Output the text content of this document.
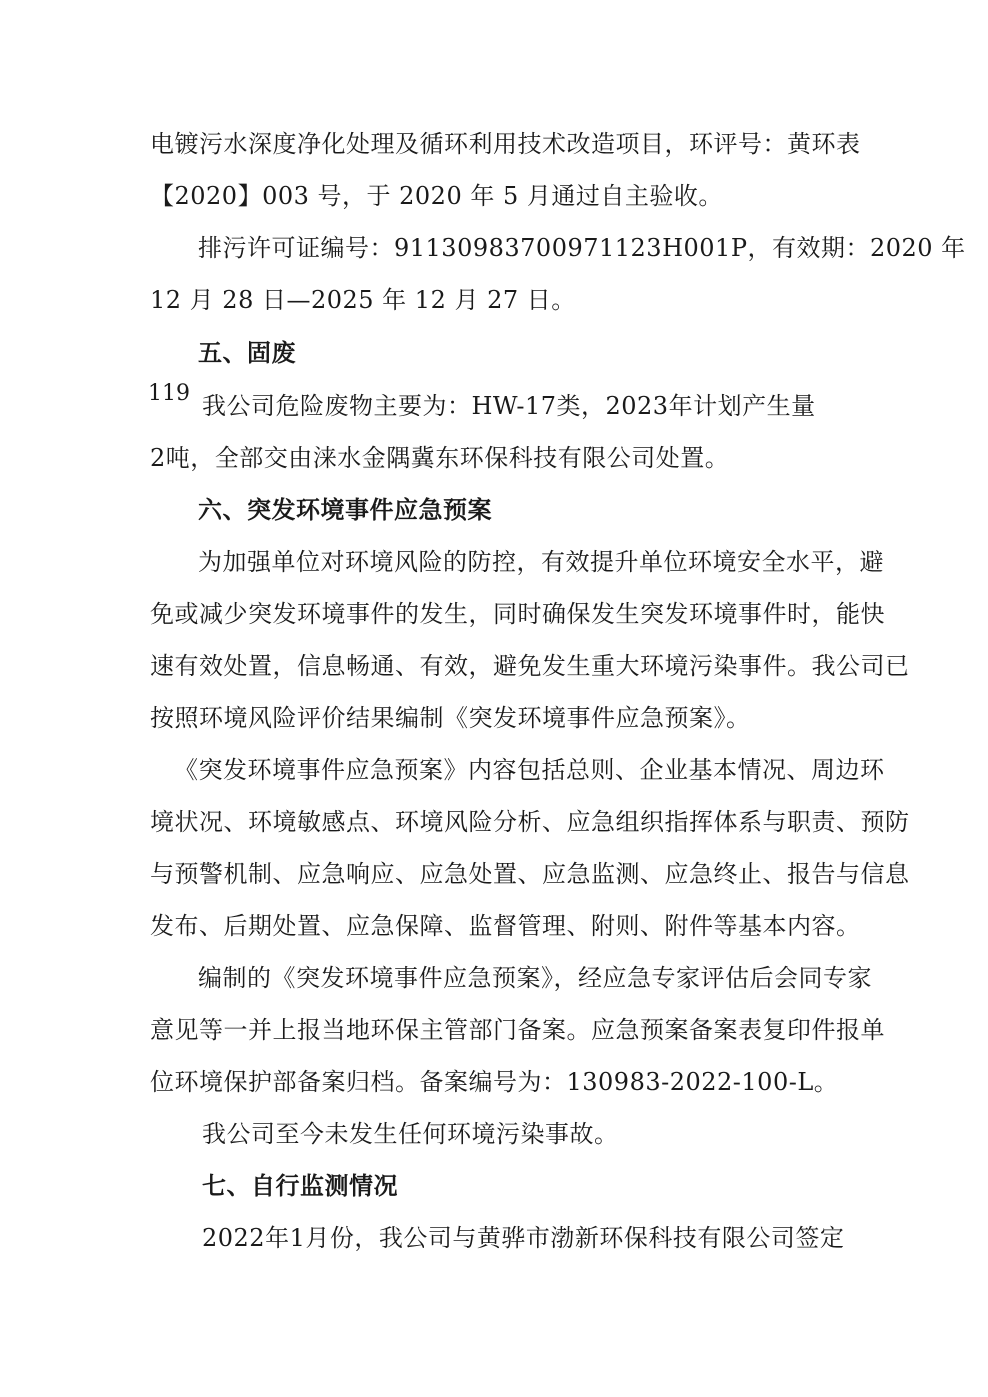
119
电镀污水深度净化处理及循环利用技术改造项目，环评号：黄环表
【2020】003 号，于 2020 年 5 月通过自主验收。
排污许可证编号：91130983700971123H001P，有效期：2020 年
12 月 28 日—2025 年 12 月 27 日。
五、固废
我公司危险废物主要为：HW-17类，2023年计划产生量
2吨，全部交由涞水金隅冀东环保科技有限公司处置。
六、突发环境事件应急预案
为加强单位对环境风险的防控，有效提升单位环境安全水平，避
免或减少突发环境事件的发生，同时确保发生突发环境事件时，能快
速有效处置，信息畅通、有效，避免发生重大环境污染事件。我公司已
按照环境风险评价结果编制《突发环境事件应急预案》。
《突发环境事件应急预案》内容包括总则、企业基本情况、周边环
境状况、环境敏感点、环境风险分析、应急组织指挥体系与职责、预防
与预警机制、应急响应、应急处置、应急监测、应急终止、报告与信息
发布、后期处置、应急保障、监督管理、附则、附件等基本内容。
编制的《突发环境事件应急预案》，经应急专家评估后会同专家
意见等一并上报当地环保主管部门备案。应急预案备案表复印件报单
位环境保护部备案归档。备案编号为：130983-2022-100-L。
我公司至今未发生任何环境污染事故。
七、自行监测情况
2022年1月份，我公司与黄骅市渤新环保科技有限公司签定
